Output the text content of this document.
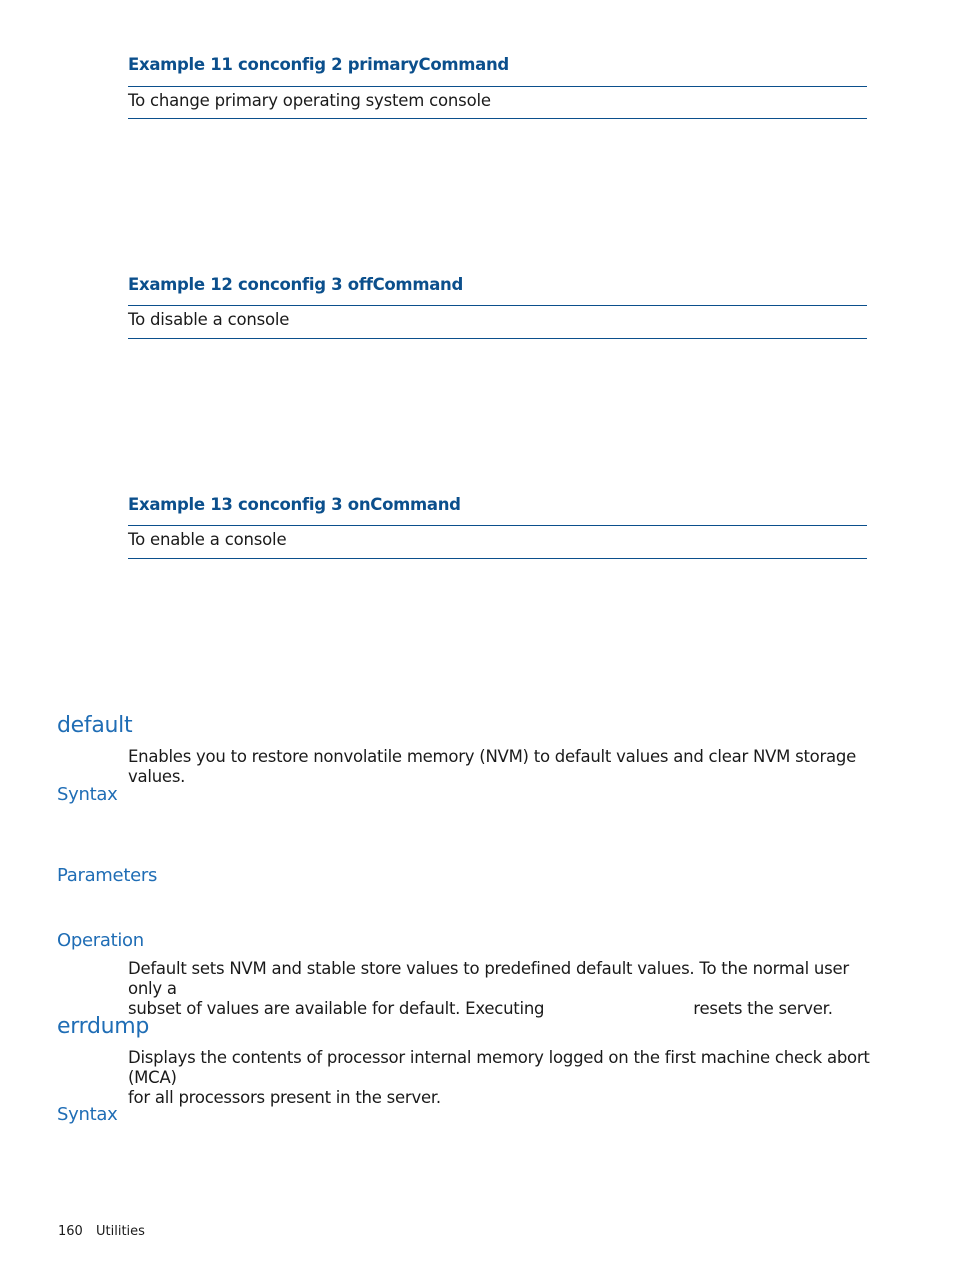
Example 11 conconfig 2 primaryCommand
To change primary operating system console
Example 12 conconfig 3 offCommand
To disable a console
Example 13 conconfig 3 onCommand
To enable a console
default
Enables you to restore nonvolatile memory (NVM) to default values and clear NVM storage values.
Syntax
Parameters
Operation
Default sets NVM and stable store values to predefined default values. To the normal user only a
subset of values are available for default. Executing	resets the server.
errdump
Displays the contents of processor internal memory logged on the first machine check abort (MCA)
for all processors present in the server.
Syntax
160 Utilities
